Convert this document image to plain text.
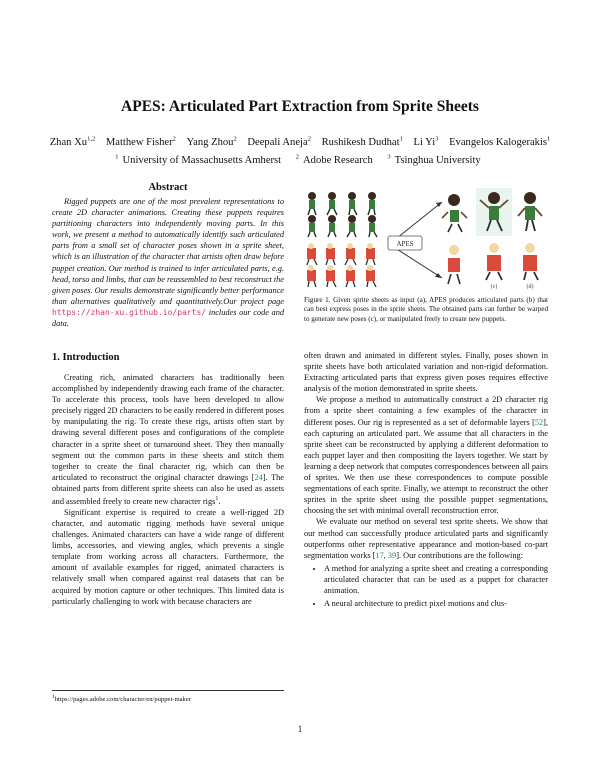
APES: Articulated Part Extraction from Sprite Sheets
Zhan Xu$^{1,2}$ Matthew Fisher$^2$ Yang Zhou$^2$ Deepali Aneja$^2$ Rushikesh Dudhat$^1$ Li Yi$^3$ Evangelos Kalogerakis$^1$
$^1$ University of Massachusetts Amherst $^2$ Adobe Research $^3$ Tsinghua University
Abstract

Rigged puppets are one of the most prevalent representations to create 2D character animations. Creating these puppets requires partitioning characters into independently moving parts. In this work, we present a method to automatically identify such articulated parts from a small set of character poses shown in a sprite sheet, which is an illustration of the character that artists often draw before puppet creation. Our method is trained to infer articulated parts, e.g. head, torso and limbs, that can be reassembled to best reconstruct the given poses. Our results demonstrate significantly better performance than alternatives qualitatively and quantitatively.Our project page https://zhan-xu.github.io/parts/ includes our code and data.

1. Introduction

Creating rich, animated characters has traditionally been accomplished by independently drawing each frame of the character. To accelerate this process, tools have been developed to allow precisely rigged 2D characters to be easily rendered in different poses by manipulating the rig. To create these rigs, artists often start by drawing several different poses and configurations of the complete character in a sprite sheet or turnaround sheet. They then manually segment out the common parts in these sheets and stitch them together to create the final character rig, which can then be articulated to reconstruct the original character drawings [24]. The obtained parts from different sprite sheets can also be used as assets and assembled freely to create new character rigs$^1$.

Significant expertise is required to create a well-rigged 2D character, and automatic rigging methods have several unique challenges. Animated characters can have a wide range of different limbs, accessories, and viewing angles, which prevents a single template from working across all characters. Furthermore, the amount of available examples for rigged, animated characters is relatively small when compared against real datasets that can be acquired by motion capture or other techniques. This limited data is particularly challenging to work with because characters are

$^1$https://pages.adobe.com/character/en/puppet-maker
APES
(c)	(d)
Figure 1. Given sprite sheets as input (a), APES produces articulated parts (b) that can best express poses in the sprite sheets. The obtained parts can further be warped to generate new poses (c), or manipulated freely to create new puppets.

often drawn and animated in different styles. Finally, poses shown in sprite sheets have both articulated variation and non-rigid deformation. Extracting articulated parts that express given poses requires effective analysis of the motion demonstrated in sprite sheets.

We propose a method to automatically construct a 2D character rig from a sprite sheet containing a few examples of the character in different poses. Our rig is represented as a set of deformable layers [52], each capturing an articulated part. We assume that all characters in the sprite sheet can be reconstructed by applying a different deformation to each puppet layer and then compositing the layers together. We start by learning a deep network that computes correspondences between all pairs of sprites. We then use these correspondences to compute possible segmentations of each sprite. Finally, we attempt to reconstruct the other sprites in the sprite sheet using the possible puppet segmentations, choosing the set with minimal overall reconstruction error.

We evaluate our method on several test sprite sheets. We show that our method can successfully produce articulated parts and significantly outperforms other representative appearance and motion-based co-part segmentation works [17, 39]. Our contributions are the following:

• A method for analyzing a sprite sheet and creating a corresponding articulated character that can be used as a puppet for character animation.
• A neural architecture to predict pixel motions and clus-
1
